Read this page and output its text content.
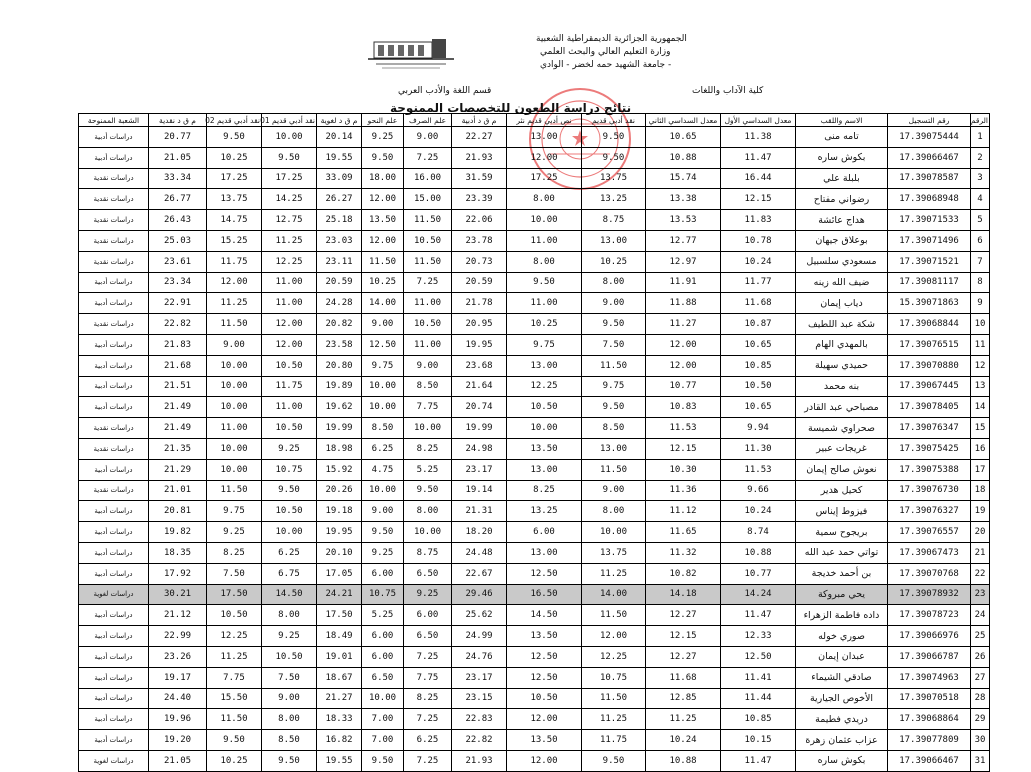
الجمهورية الجزائرية الديمقراطية الشعبية
وزارة التعليم العالي والبحث العلمي
جامعة الشهيد حمه لخضر - الوادي -
كلية الآداب واللغات
قسم اللغة والأدب العربي
نتائج دراسة الطعون للتخصصات الممنوحة
الرقم	رقم التسجيل	الاسم واللقب	معدل السداسي الأول	معدل السداسي الثاني	نقد أدبي قديم	نص أدبي قديم نثر	م ق د أدبية	علم الصرف	علم النحو	م ق د لغوية	نقد أدبي قديم 01	نقد أدبي قديم 02	م ق د نقدية	الشعبة الممنوحة
1	17.39075444	تامه منى	11.38	10.65	9.50	13.00	22.27	9.00	9.25	20.14	10.00	9.50	20.77	دراسات أدبية
2	17.39066467	بكوش ساره	11.47	10.88	9.50	12.00	21.93	7.25	9.50	19.55	9.50	10.25	21.05	دراسات أدبية
3	17.39078587	بلبلة علي	16.44	15.74	13.75	17.25	31.59	16.00	18.00	33.09	17.25	17.25	33.34	دراسات نقدية
4	17.39068948	رضواني مفتاح	12.15	13.38	13.25	8.00	23.39	15.00	12.00	26.27	14.25	13.75	26.77	دراسات نقدية
5	17.39071533	هداج عائشة	11.83	13.53	8.75	10.00	22.06	11.50	13.50	25.18	12.75	14.75	26.43	دراسات نقدية
6	17.39071496	بوعلاق جيهان	10.78	12.77	13.00	11.00	23.78	10.50	12.00	23.03	11.25	15.25	25.03	دراسات نقدية
7	17.39071521	مسعودي سلسبيل	10.24	12.97	10.25	8.00	20.73	11.50	11.50	23.11	12.25	11.75	23.61	دراسات نقدية
8	17.39081117	ضيف الله زينه	11.77	11.91	8.00	9.50	20.59	7.25	10.25	20.59	11.00	12.00	23.34	دراسات أدبية
9	15.39071863	دياب إيمان	11.68	11.88	9.00	11.00	21.78	11.00	14.00	24.28	11.00	11.25	22.91	دراسات أدبية
10	17.39068844	شكة عبد اللطيف	10.87	11.27	9.50	10.25	20.95	10.50	9.00	20.82	12.00	11.50	22.82	دراسات نقدية
11	17.39076515	بالمهدي الهام	10.65	12.00	7.50	9.75	19.95	11.00	12.50	23.58	12.00	9.00	21.83	دراسات أدبية
12	17.39070880	حميدي سهيلة	10.85	12.00	11.50	13.00	23.68	9.00	9.75	20.80	10.50	10.00	21.68	دراسات أدبية
13	17.39067445	بنه محمد	10.50	10.77	9.75	12.25	21.64	8.50	10.00	19.89	11.75	10.00	21.51	دراسات أدبية
14	17.39078405	مصباحي عبد القادر	10.65	10.83	9.50	10.50	20.74	7.75	10.00	19.62	11.00	10.00	21.49	دراسات أدبية
15	17.39076347	صحراوي شميسة	9.94	11.53	8.50	10.00	19.99	10.00	8.50	19.99	10.50	11.00	21.49	دراسات نقدية
16	17.39075425	غريجات عبير	11.30	12.15	13.00	13.50	24.98	8.25	6.25	18.98	9.25	10.00	21.35	دراسات نقدية
17	17.39075388	نعوش صالح إيمان	11.53	10.30	11.50	13.00	23.17	5.25	4.75	15.92	10.75	10.00	21.29	دراسات أدبية
18	17.39076730	كحيل هدير	9.66	11.36	9.00	8.25	19.14	9.50	10.00	20.26	9.50	11.50	21.01	دراسات نقدية
19	17.39076327	فيزوط إيناس	10.24	11.12	8.00	13.25	21.31	8.00	9.00	19.18	10.50	9.75	20.81	دراسات أدبية
20	17.39076557	بريجوح سمية	8.74	11.65	10.00	6.00	18.20	10.00	9.50	19.95	10.00	9.25	19.82	دراسات أدبية
21	17.39067473	تواتي حمد عبد الله	10.88	11.32	13.75	13.00	24.48	8.75	9.25	20.10	6.25	8.25	18.35	دراسات أدبية
22	17.39070768	بن أحمد خديجة	10.77	10.82	11.25	12.50	22.67	6.50	6.00	17.05	6.75	7.50	17.92	دراسات أدبية
23	17.39078932	يحي مبروكة	14.24	14.18	14.00	16.50	29.46	9.25	10.75	24.21	14.50	17.50	30.21	دراسات لغوية
24	17.39078723	داده فاطمة الزهراء	11.47	12.27	11.50	14.50	25.62	6.00	5.25	17.50	8.00	10.50	21.12	دراسات أدبية
25	17.39066976	صوري خوله	12.33	12.15	12.00	13.50	24.99	6.50	6.00	18.49	9.25	12.25	22.99	دراسات أدبية
26	17.39066787	عبدان إيمان	12.50	12.27	12.25	12.50	24.76	7.25	6.00	19.01	10.50	11.25	23.26	دراسات أدبية
27	17.39074963	صادقي الشيماء	11.41	11.68	10.75	12.50	23.17	7.75	6.50	18.67	7.50	7.75	19.17	دراسات أدبية
28	17.39070518	الأخوص الجيارية	11.44	12.85	11.50	10.50	23.15	8.25	10.00	21.27	9.00	15.50	24.40	دراسات أدبية
29	17.39068864	دريدي فطيمة	10.85	11.25	11.25	12.00	22.83	7.25	7.00	18.33	8.00	11.50	19.96	دراسات أدبية
30	17.39077809	عزاب عثمان زهرة	10.15	10.24	11.75	13.50	22.82	6.25	7.00	16.82	8.50	9.50	19.20	دراسات أدبية
31	17.39066467	بكوش ساره	11.47	10.88	9.50	12.00	21.93	7.25	9.50	19.55	9.50	10.25	21.05	دراسات لغوية
